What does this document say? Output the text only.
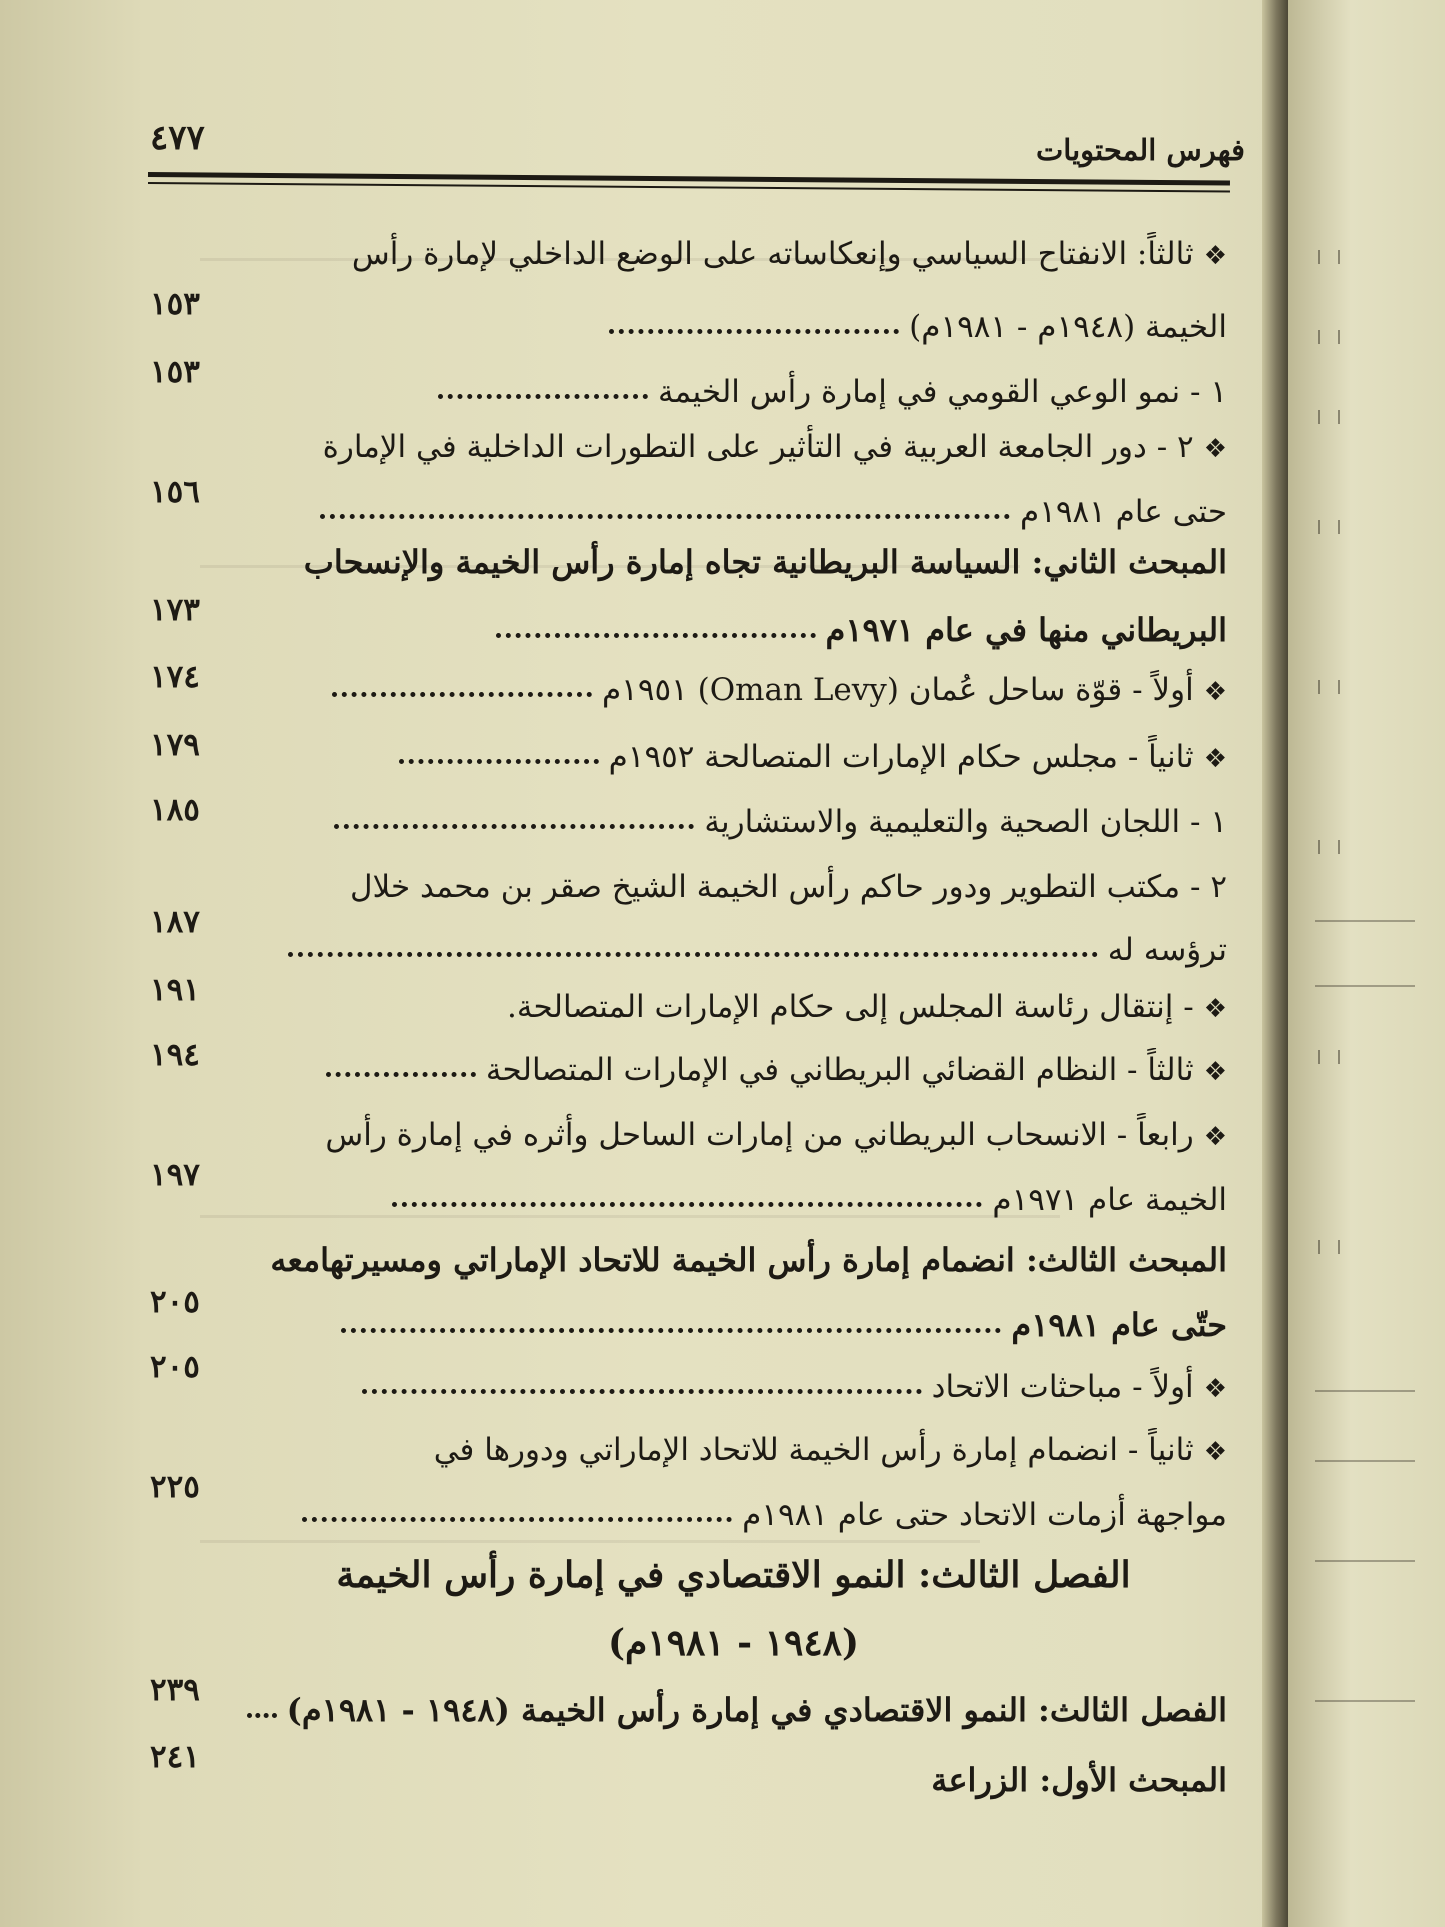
٤٧٧	فهرس المحتويات
❖ثالثاً: الانفتاح السياسي وإنعكاساته على الوضع الداخلي لإمارة رأس
الخيمة (١٩٤٨م - ١٩٨١م)
١٥٣
١ - نمو الوعي القومي في إمارة رأس الخيمة
١٥٣
❖٢ - دور الجامعة العربية في التأثير على التطورات الداخلية في الإمارة
حتى عام ١٩٨١م
١٥٦
المبحث الثاني: السياسة البريطانية تجاه إمارة رأس الخيمة والإنسحاب
البريطاني منها في عام ١٩٧١م
١٧٣
❖أولاً - قوّة ساحل عُمان (Oman Levy) ١٩٥١م
١٧٤
❖ثانياً - مجلس حكام الإمارات المتصالحة ١٩٥٢م
١٧٩
١ - اللجان الصحية والتعليمية والاستشارية
١٨٥
٢ - مكتب التطوير ودور حاكم رأس الخيمة الشيخ صقر بن محمد خلال
ترؤسه له
١٨٧
❖- إنتقال رئاسة المجلس إلى حكام الإمارات المتصالحة.
١٩١
❖ثالثاً - النظام القضائي البريطاني في الإمارات المتصالحة
١٩٤
❖رابعاً - الانسحاب البريطاني من إمارات الساحل وأثره في إمارة رأس
الخيمة عام ١٩٧١م
١٩٧
المبحث الثالث: انضمام إمارة رأس الخيمة للاتحاد الإماراتي ومسيرتهامعه
حتّى عام ١٩٨١م
٢٠٥
❖أولاً - مباحثات الاتحاد
٢٠٥
❖ثانياً - انضمام إمارة رأس الخيمة للاتحاد الإماراتي ودورها في
مواجهة أزمات الاتحاد حتى عام ١٩٨١م
٢٢٥
الفصل الثالث: النمو الاقتصادي في إمارة رأس الخيمة
(١٩٤٨ - ١٩٨١م)
الفصل الثالث: النمو الاقتصادي في إمارة رأس الخيمة (١٩٤٨ - ١٩٨١م)
٢٣٩
المبحث الأول: الزراعة
٢٤١
